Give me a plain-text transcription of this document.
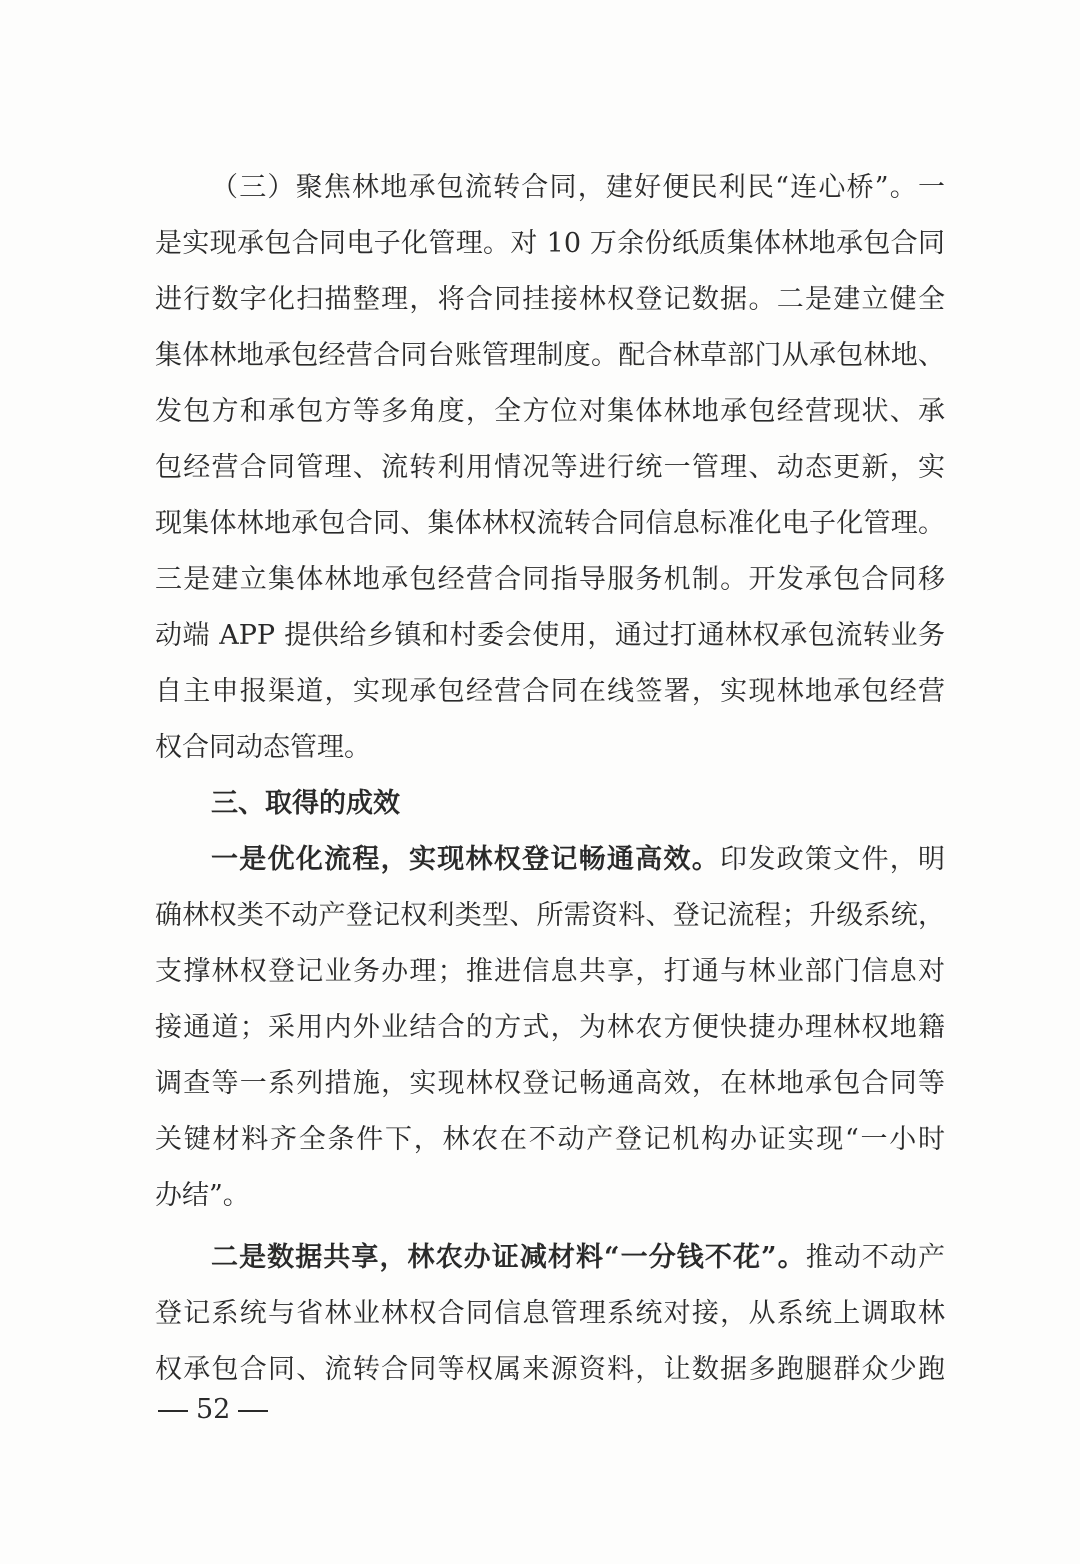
（三）聚焦林地承包流转合同，建好便民利民“连心桥”。一
是实现承包合同电子化管理。对 10 万余份纸质集体林地承包合同
进行数字化扫描整理，将合同挂接林权登记数据。二是建立健全
集体林地承包经营合同台账管理制度。配合林草部门从承包林地、
发包方和承包方等多角度，全方位对集体林地承包经营现状、承
包经营合同管理、流转利用情况等进行统一管理、动态更新，实
现集体林地承包合同、集体林权流转合同信息标准化电子化管理。
三是建立集体林地承包经营合同指导服务机制。开发承包合同移
动端 APP 提供给乡镇和村委会使用，通过打通林权承包流转业务
自主申报渠道，实现承包经营合同在线签署，实现林地承包经营
权合同动态管理。
三、取得的成效
一是优化流程，实现林权登记畅通高效。印发政策文件，明
确林权类不动产登记权利类型、所需资料、登记流程；升级系统，
支撑林权登记业务办理；推进信息共享，打通与林业部门信息对
接通道；采用内外业结合的方式，为林农方便快捷办理林权地籍
调查等一系列措施，实现林权登记畅通高效，在林地承包合同等
关键材料齐全条件下，林农在不动产登记机构办证实现“一小时
办结”。
二是数据共享，林农办证减材料“一分钱不花”。推动不动产
登记系统与省林业林权合同信息管理系统对接，从系统上调取林
权承包合同、流转合同等权属来源资料，让数据多跑腿群众少跑
52
